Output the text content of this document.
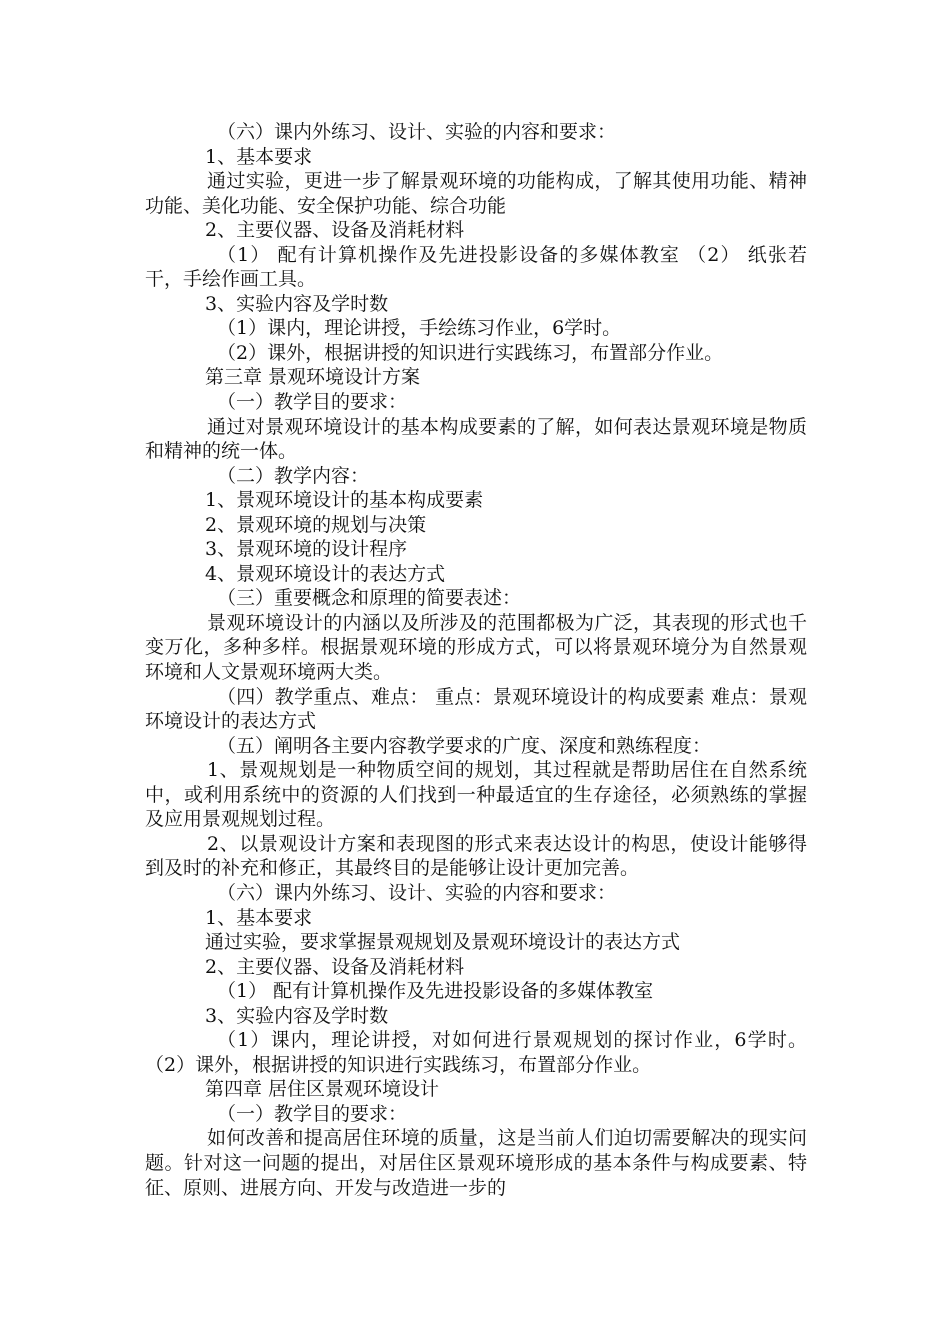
（六）课内外练习、设计、实验的内容和要求：

1、基本要求

通过实验，更进一步了解景观环境的功能构成，了解其使用功能、精神功能、美化功能、安全保护功能、综合功能

2、主要仪器、设备及消耗材料

（1） 配有计算机操作及先进投影设备的多媒体教室 （2） 纸张若干，手绘作画工具。

3、实验内容及学时数

（1）课内，理论讲授，手绘练习作业，6学时。

（2）课外，根据讲授的知识进行实践练习，布置部分作业。

第三章 景观环境设计方案

（一）教学目的要求：

通过对景观环境设计的基本构成要素的了解，如何表达景观环境是物质和精神的统一体。

（二）教学内容：

1、景观环境设计的基本构成要素

2、景观环境的规划与决策

3、景观环境的设计程序

4、景观环境设计的表达方式

（三）重要概念和原理的简要表述：

景观环境设计的内涵以及所涉及的范围都极为广泛，其表现的形式也千变万化，多种多样。根据景观环境的形成方式，可以将景观环境分为自然景观环境和人文景观环境两大类。

（四）教学重点、难点： 重点：景观环境设计的构成要素 难点：景观环境设计的表达方式

（五）阐明各主要内容教学要求的广度、深度和熟练程度：

1、景观规划是一种物质空间的规划，其过程就是帮助居住在自然系统中，或利用系统中的资源的人们找到一种最适宜的生存途径，必须熟练的掌握及应用景观规划过程。

2、以景观设计方案和表现图的形式来表达设计的构思，使设计能够得到及时的补充和修正，其最终目的是能够让设计更加完善。

（六）课内外练习、设计、实验的内容和要求：

1、基本要求

通过实验，要求掌握景观规划及景观环境设计的表达方式

2、主要仪器、设备及消耗材料

（1） 配有计算机操作及先进投影设备的多媒体教室

3、实验内容及学时数

（1）课内，理论讲授，对如何进行景观规划的探讨作业，6学时。 （2）课外，根据讲授的知识进行实践练习，布置部分作业。

第四章 居住区景观环境设计

（一）教学目的要求：

如何改善和提高居住环境的质量，这是当前人们迫切需要解决的现实问题。针对这一问题的提出，对居住区景观环境形成的基本条件与构成要素、特征、原则、进展方向、开发与改造进一步的
